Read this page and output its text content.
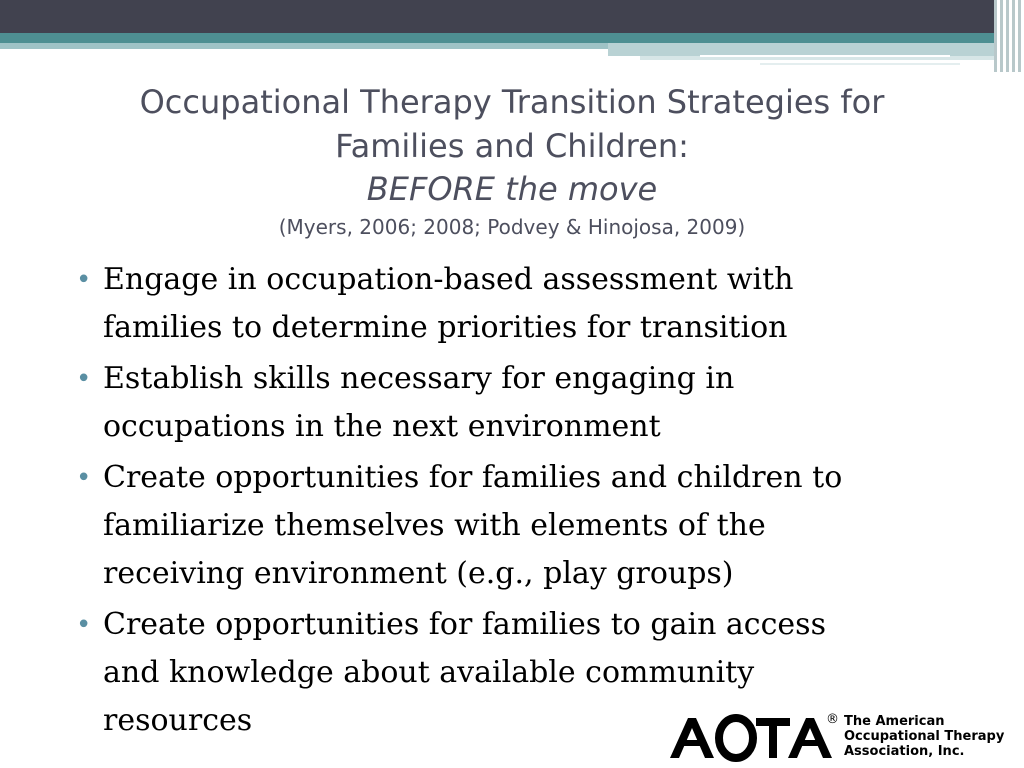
Occupational Therapy Transition Strategies for
Families and Children:
BEFORE the move
(Myers, 2006; 2008; Podvey & Hinojosa, 2009)
• Engage in occupation-based assessment with
families to determine priorities for transition
• Establish skills necessary for engaging in
occupations in the next environment
• Create opportunities for families and children to
familiarize themselves with elements of the
receiving environment (e.g., play groups)
• Create opportunities for families to gain access
and knowledge about available community
resources	® The American
Occupational Therapy
Association, Inc.
